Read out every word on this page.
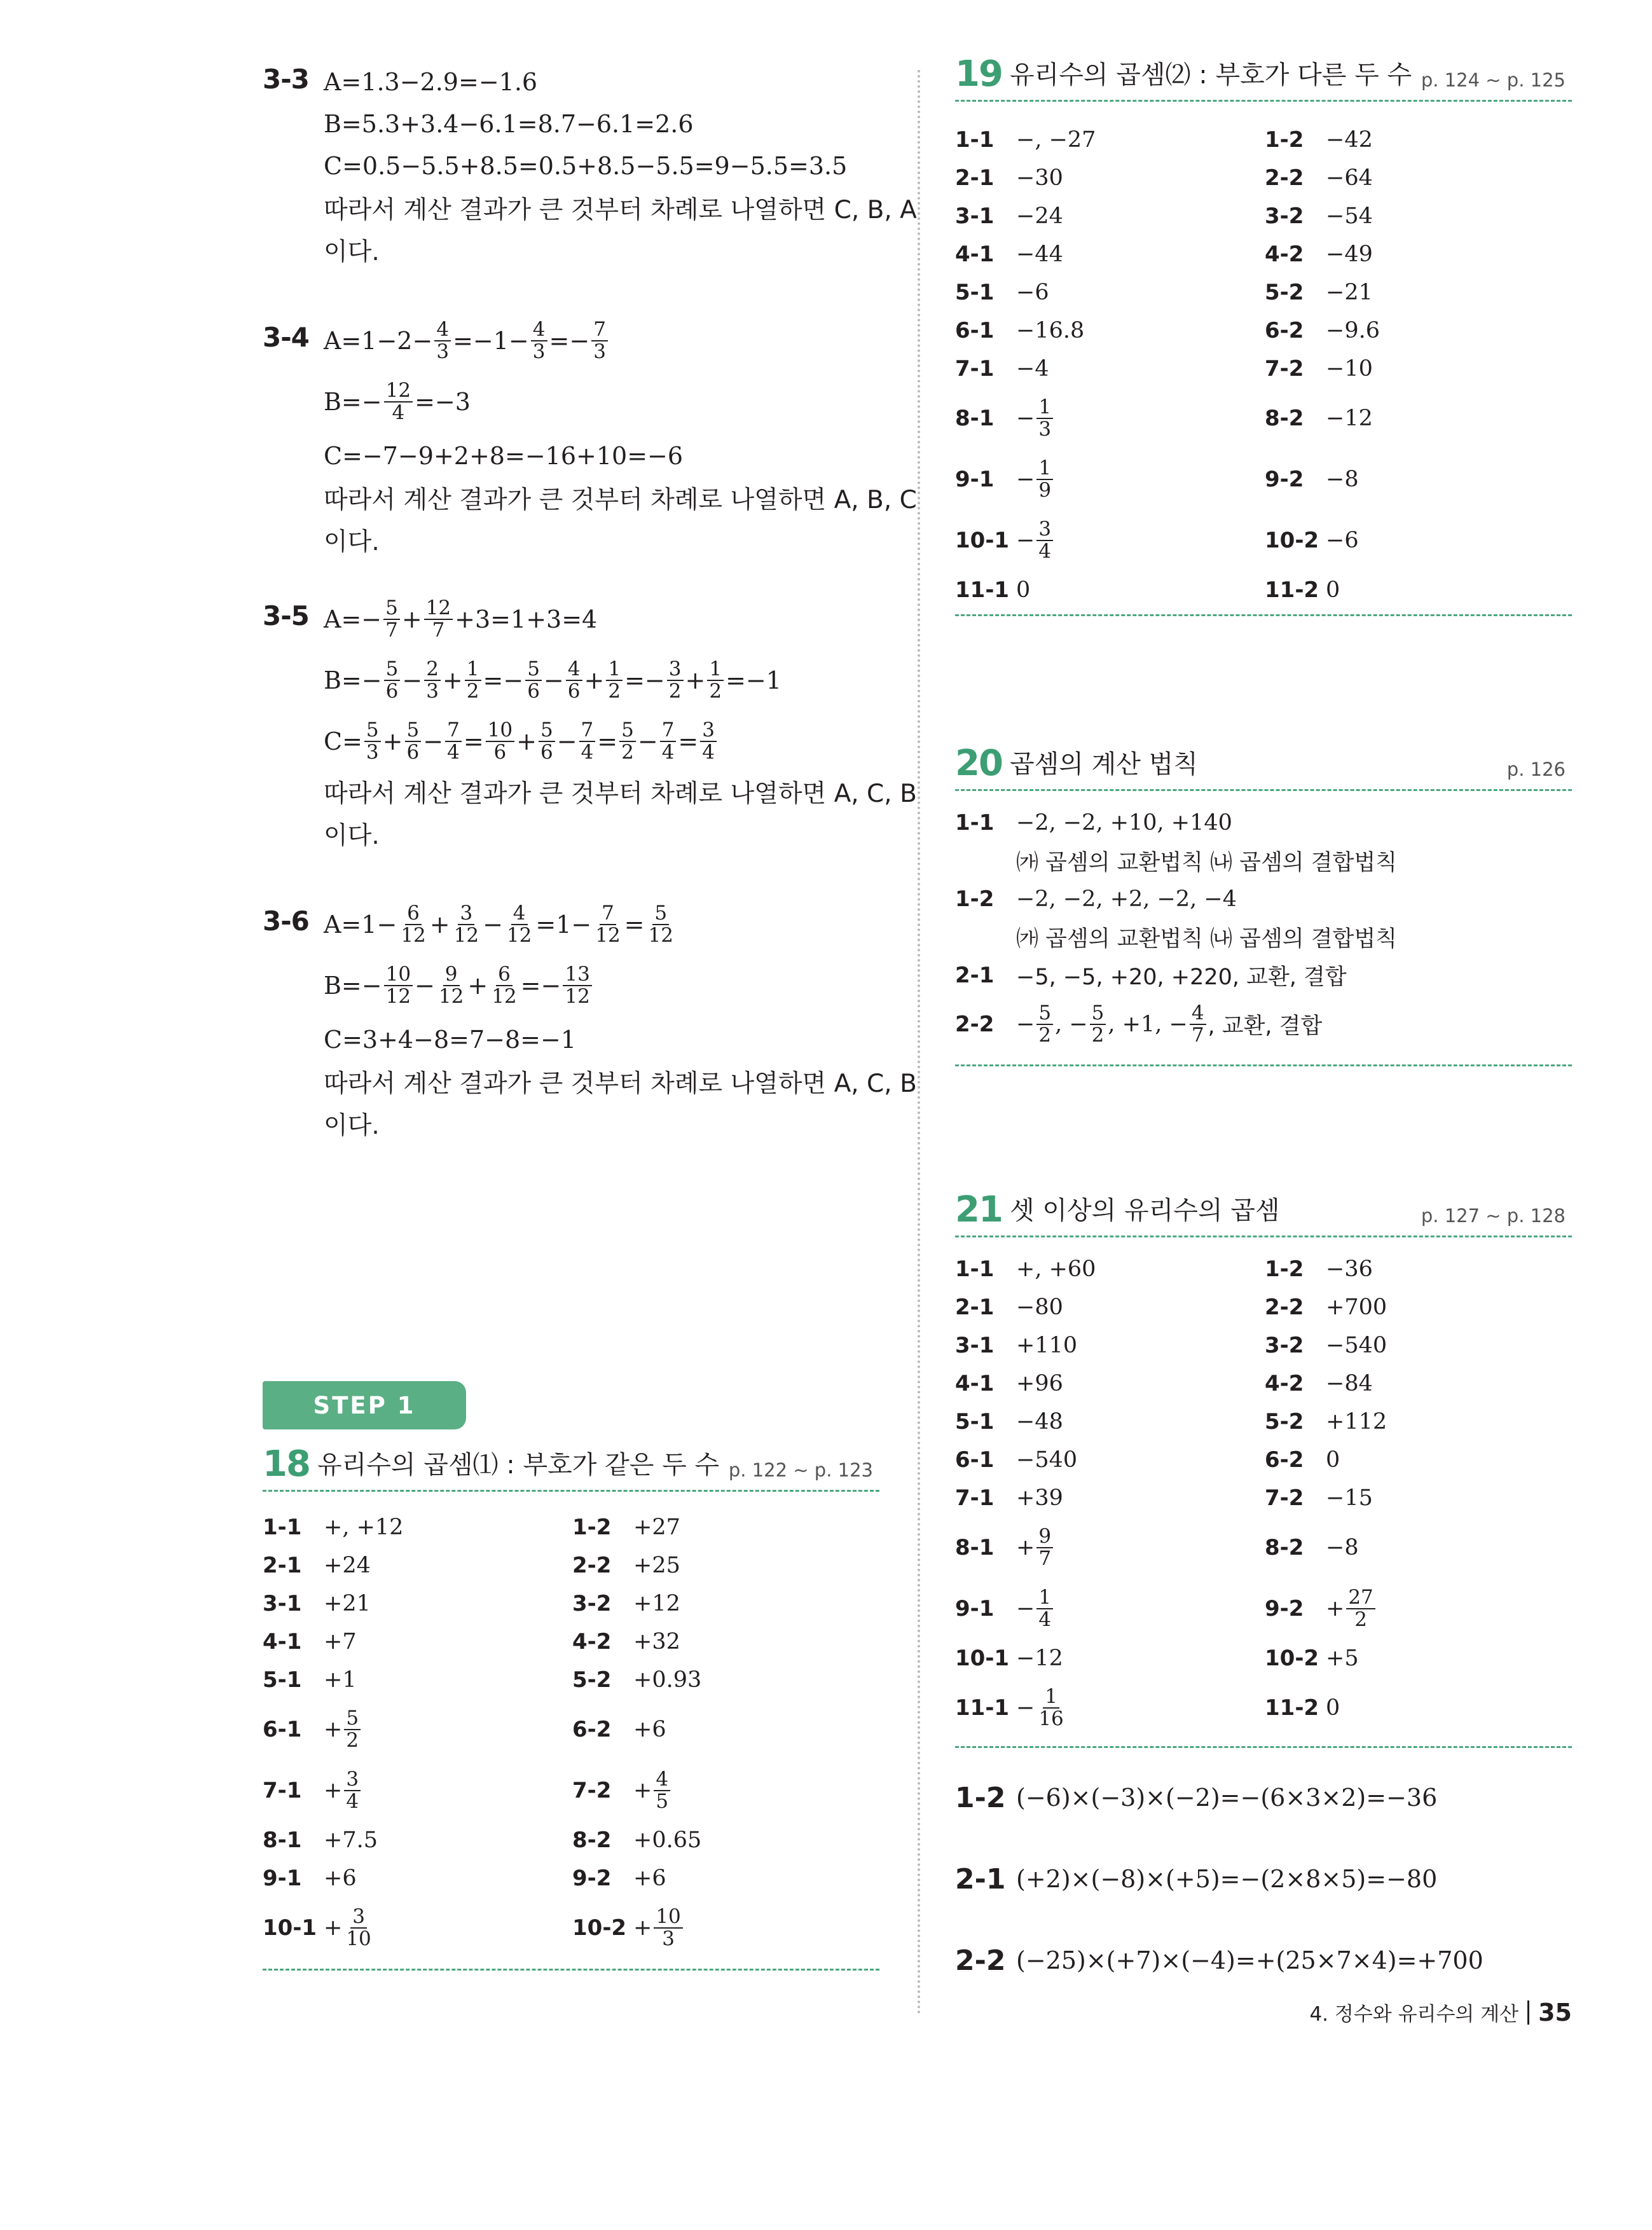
3-3 A=1.3−2.9=−1.6
B=5.3+3.4−6.1=8.7−6.1=2.6
C=0.5−5.5+8.5=0.5+8.5−5.5=9−5.5=3.5
따라서 계산 결과가 큰 것부터 차례로 나열하면 C, B, A
이다.
3-4 $A=1-2- \frac{4}{3} =-1- \frac{4}{3} =- \frac{7}{3}$
$B=- \frac{12}{4} =-3$
C=−7−9+2+8=−16+10=−6
따라서 계산 결과가 큰 것부터 차례로 나열하면 A, B, C
이다.
3-5 $A=- \frac{5}{7} + \frac{12}{7} +3=1+3=4$
$B=- \frac{5}{6} - \frac{2}{3} + \frac{1}{2} =- \frac{5}{6} - \frac{4}{6} + \frac{1}{2} =- \frac{3}{2} + \frac{1}{2} =-1$
$C= \frac{5}{3} + \frac{5}{6} - \frac{7}{4} = \frac{10}{6} + \frac{5}{6} - \frac{7}{4} = \frac{5}{2} - \frac{7}{4} = \frac{3}{4}$
따라서 계산 결과가 큰 것부터 차례로 나열하면 A, C, B
이다.
3-6 $A=1- \frac{6}{12} + \frac{3}{12} - \frac{4}{12} =1- \frac{7}{12} = \frac{5}{12}$
$B=- \frac{10}{12} - \frac{9}{12} + \frac{6}{12} =- \frac{13}{12}$
C=3+4−8=7−8=−1
따라서 계산 결과가 큰 것부터 차례로 나열하면 A, C, B
이다.
STEP 1
18 유리수의 곱셈⑴ : 부호가 같은 두 수 p. 122 ~ p. 123
1-1 +, +12	1-2 +27
2-1 +24	2-2 +25
3-1 +21	3-2 +12
4-1 +7	4-2 +32
5-1 +1	5-2 +0.93
$6-1 + \frac{5}{2}$	6-2 +6
$7-1 + \frac{3}{4}$	$7-2 + \frac{4}{5}$
8-1 +7.5	8-2 +0.65
9-1 +6	9-2 +6
$10-1 + \frac{3}{10}$	$10-2 + \frac{10}{3}$
19 유리수의 곱셈⑵ : 부호가 다른 두 수 p. 124 ~ p. 125
1-1 −, −27	1-2 −42
2-1 −30	2-2 −64
3-1 −24	3-2 −54
4-1 −44	4-2 −49
5-1 −6	5-2 −21
6-1 −16.8	6-2 −9.6
7-1 −4	7-2 −10
$8-1 - \frac{1}{3}$	8-2 −12
$9-1 - \frac{1}{9}$	9-2 −8
$10-1 - \frac{3}{4}$	10-2 −6
11-1 0	11-2 0
20 곱셈의 계산 법칙	p. 126
1-1 −2, −2, +10, +140
㈎ 곱셈의 교환법칙 ㈏ 곱셈의 결합법칙
1-2 −2, −2, +2, −2, −4
㈎ 곱셈의 교환법칙 ㈏ 곱셈의 결합법칙
2-1 −5, −5, +20, +220, 교환, 결합
$2-2 - \frac{5}{2}$ , − $\frac{5}{2}$ , +1, − $\frac{4}{7}$ , 교환, 결합
21 셋 이상의 유리수의 곱셈	p. 127 ~ p. 128
1-1 +, +60	1-2 −36
2-1 −80	2-2 +700
3-1 +110	3-2 −540
4-1 +96	4-2 −84
5-1 −48	5-2 +112
6-1 −540	6-2 0
7-1 +39	7-2 −15
$8-1 + \frac{9}{7}$	8-2 −8
$9-1 - \frac{1}{4}$	$9-2 + \frac{27}{2}$
10-1 −12	10-2 +5
$11-1 - \frac{1}{16}$	11-2 0
1-2 (−6)×(−3)×(−2)=−(6×3×2)=−36
2-1 (+2)×(−8)×(+5)=−(2×8×5)=−80
2-2 (−25)×(+7)×(−4)=+(25×7×4)=+700
4. 정수와 유리수의 계산 35
